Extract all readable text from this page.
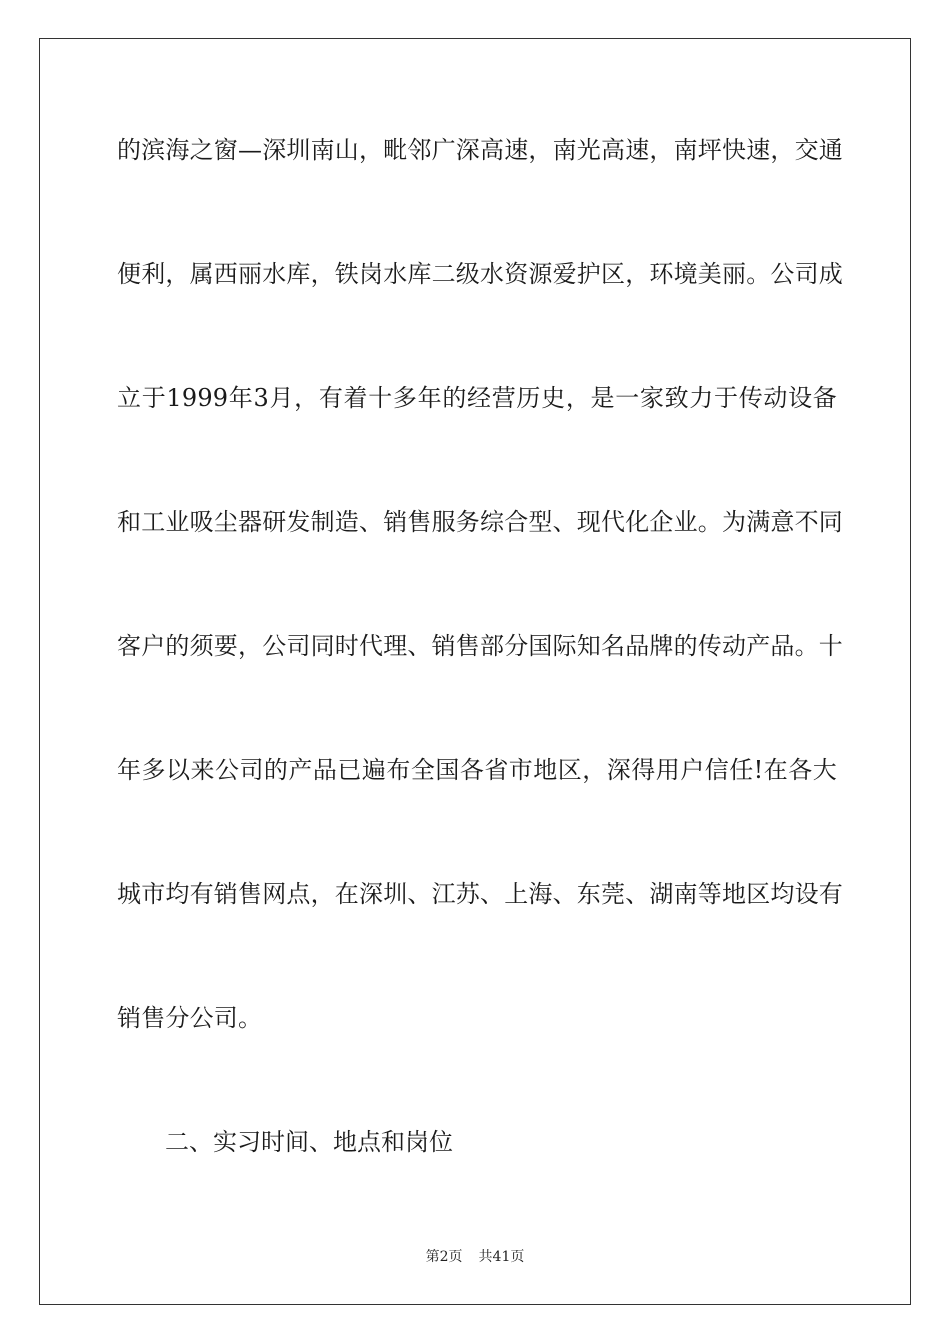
的滨海之窗—深圳南山，毗邻广深高速，南光高速，南坪快速，交通
便利，属西丽水库，铁岗水库二级水资源爱护区，环境美丽。公司成
立于1999年3月，有着十多年的经营历史，是一家致力于传动设备
和工业吸尘器研发制造、销售服务综合型、现代化企业。为满意不同
客户的须要，公司同时代理、销售部分国际知名品牌的传动产品。十
年多以来公司的产品已遍布全国各省市地区，深得用户信任!在各大
城市均有销售网点，在深圳、江苏、上海、东莞、湖南等地区均设有
销售分公司。
二、实习时间、地点和岗位
第2页 共41页
